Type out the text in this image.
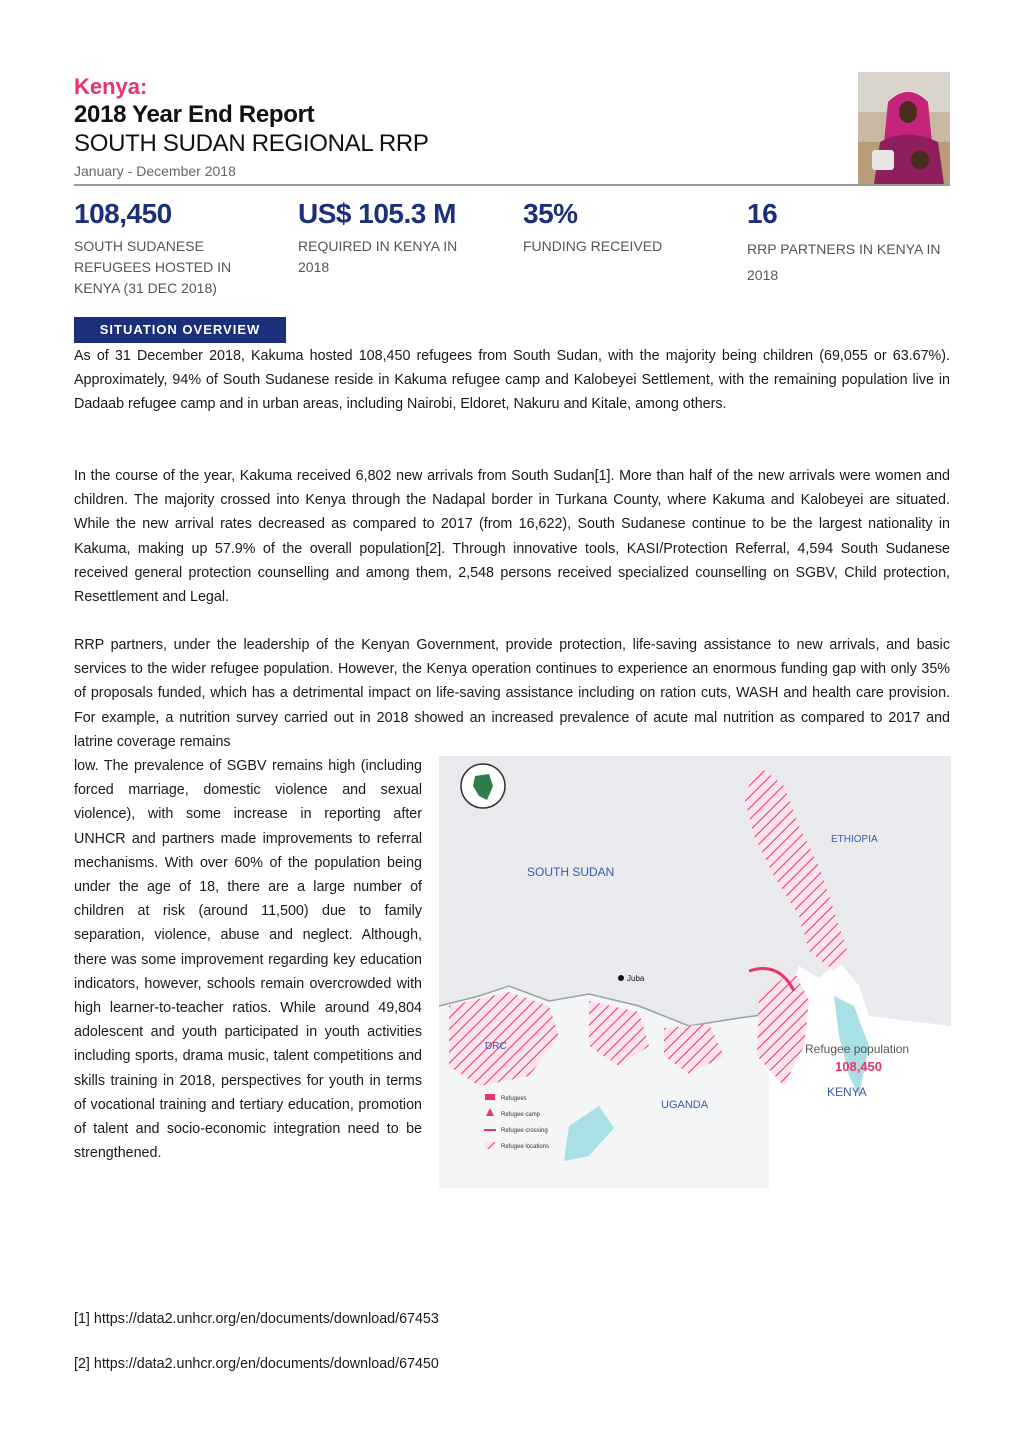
Kenya:
2018 Year End Report
SOUTH SUDAN REGIONAL RRP
January - December 2018
108,450
SOUTH SUDANESE REFUGEES HOSTED IN KENYA (31 DEC 2018)
US$ 105.3 M
REQUIRED IN KENYA IN 2018
35%
FUNDING RECEIVED
16
RRP PARTNERS IN KENYA IN 2018
SITUATION OVERVIEW

As of 31 December 2018, Kakuma hosted 108,450 refugees from South Sudan, with the majority being children (69,055 or 63.67%). Approximately, 94% of South Sudanese reside in Kakuma refugee camp and Kalobeyei Settlement, with the remaining population live in Dadaab refugee camp and in urban areas, including Nairobi, Eldoret, Nakuru and Kitale, among others.

In the course of the year, Kakuma received 6,802 new arrivals from South Sudan[1]. More than half of the new arrivals were women and children. The majority crossed into Kenya through the Nadapal border in Turkana County, where Kakuma and Kalobeyei are situated. While the new arrival rates decreased as compared to 2017 (from 16,622), South Sudanese continue to be the largest nationality in Kakuma, making up 57.9% of the overall population[2]. Through innovative tools, KASI/Protection Referral, 4,594 South Sudanese received general protection counselling and among them, 2,548 persons received specialized counselling on SGBV, Child protection, Resettlement and Legal.

RRP partners, under the leadership of the Kenyan Government, provide protection, life-saving assistance to new arrivals, and basic services to the wider refugee population. However, the Kenya operation continues to experience an enormous funding gap with only 35% of proposals funded, which has a detrimental impact on life-saving assistance including on ration cuts, WASH and health care provision. For example, a nutrition survey carried out in 2018 showed an increased prevalence of acute mal nutrition as compared to 2017 and latrine coverage remains

low. The prevalence of SGBV remains high (including forced marriage, domestic violence and sexual violence), with some increase in reporting after UNHCR and partners made improvements to referral mechanisms. With over 60% of the population being under the age of 18, there are a large number of children at risk (around 11,500) due to family separation, violence, abuse and neglect. Although, there was some improvement regarding key education indicators, however, schools remain overcrowded with high learner-to-teacher ratios. While around 49,804 adolescent and youth participated in youth activities including sports, drama music, talent competitions and skills training in 2018, perspectives for youth in terms of vocational training and tertiary education, promotion of talent and socio-economic integration need to be strengthened.

SOUTH SUDAN
ETHIOPIA
DRC
UGANDA
KENYA
Juba
Refugee population
108,450
Refugees
Refugee camp
Refugee crossing
Refugee locations
[1] https://data2.unhcr.org/en/documents/download/67453
[2] https://data2.unhcr.org/en/documents/download/67450
